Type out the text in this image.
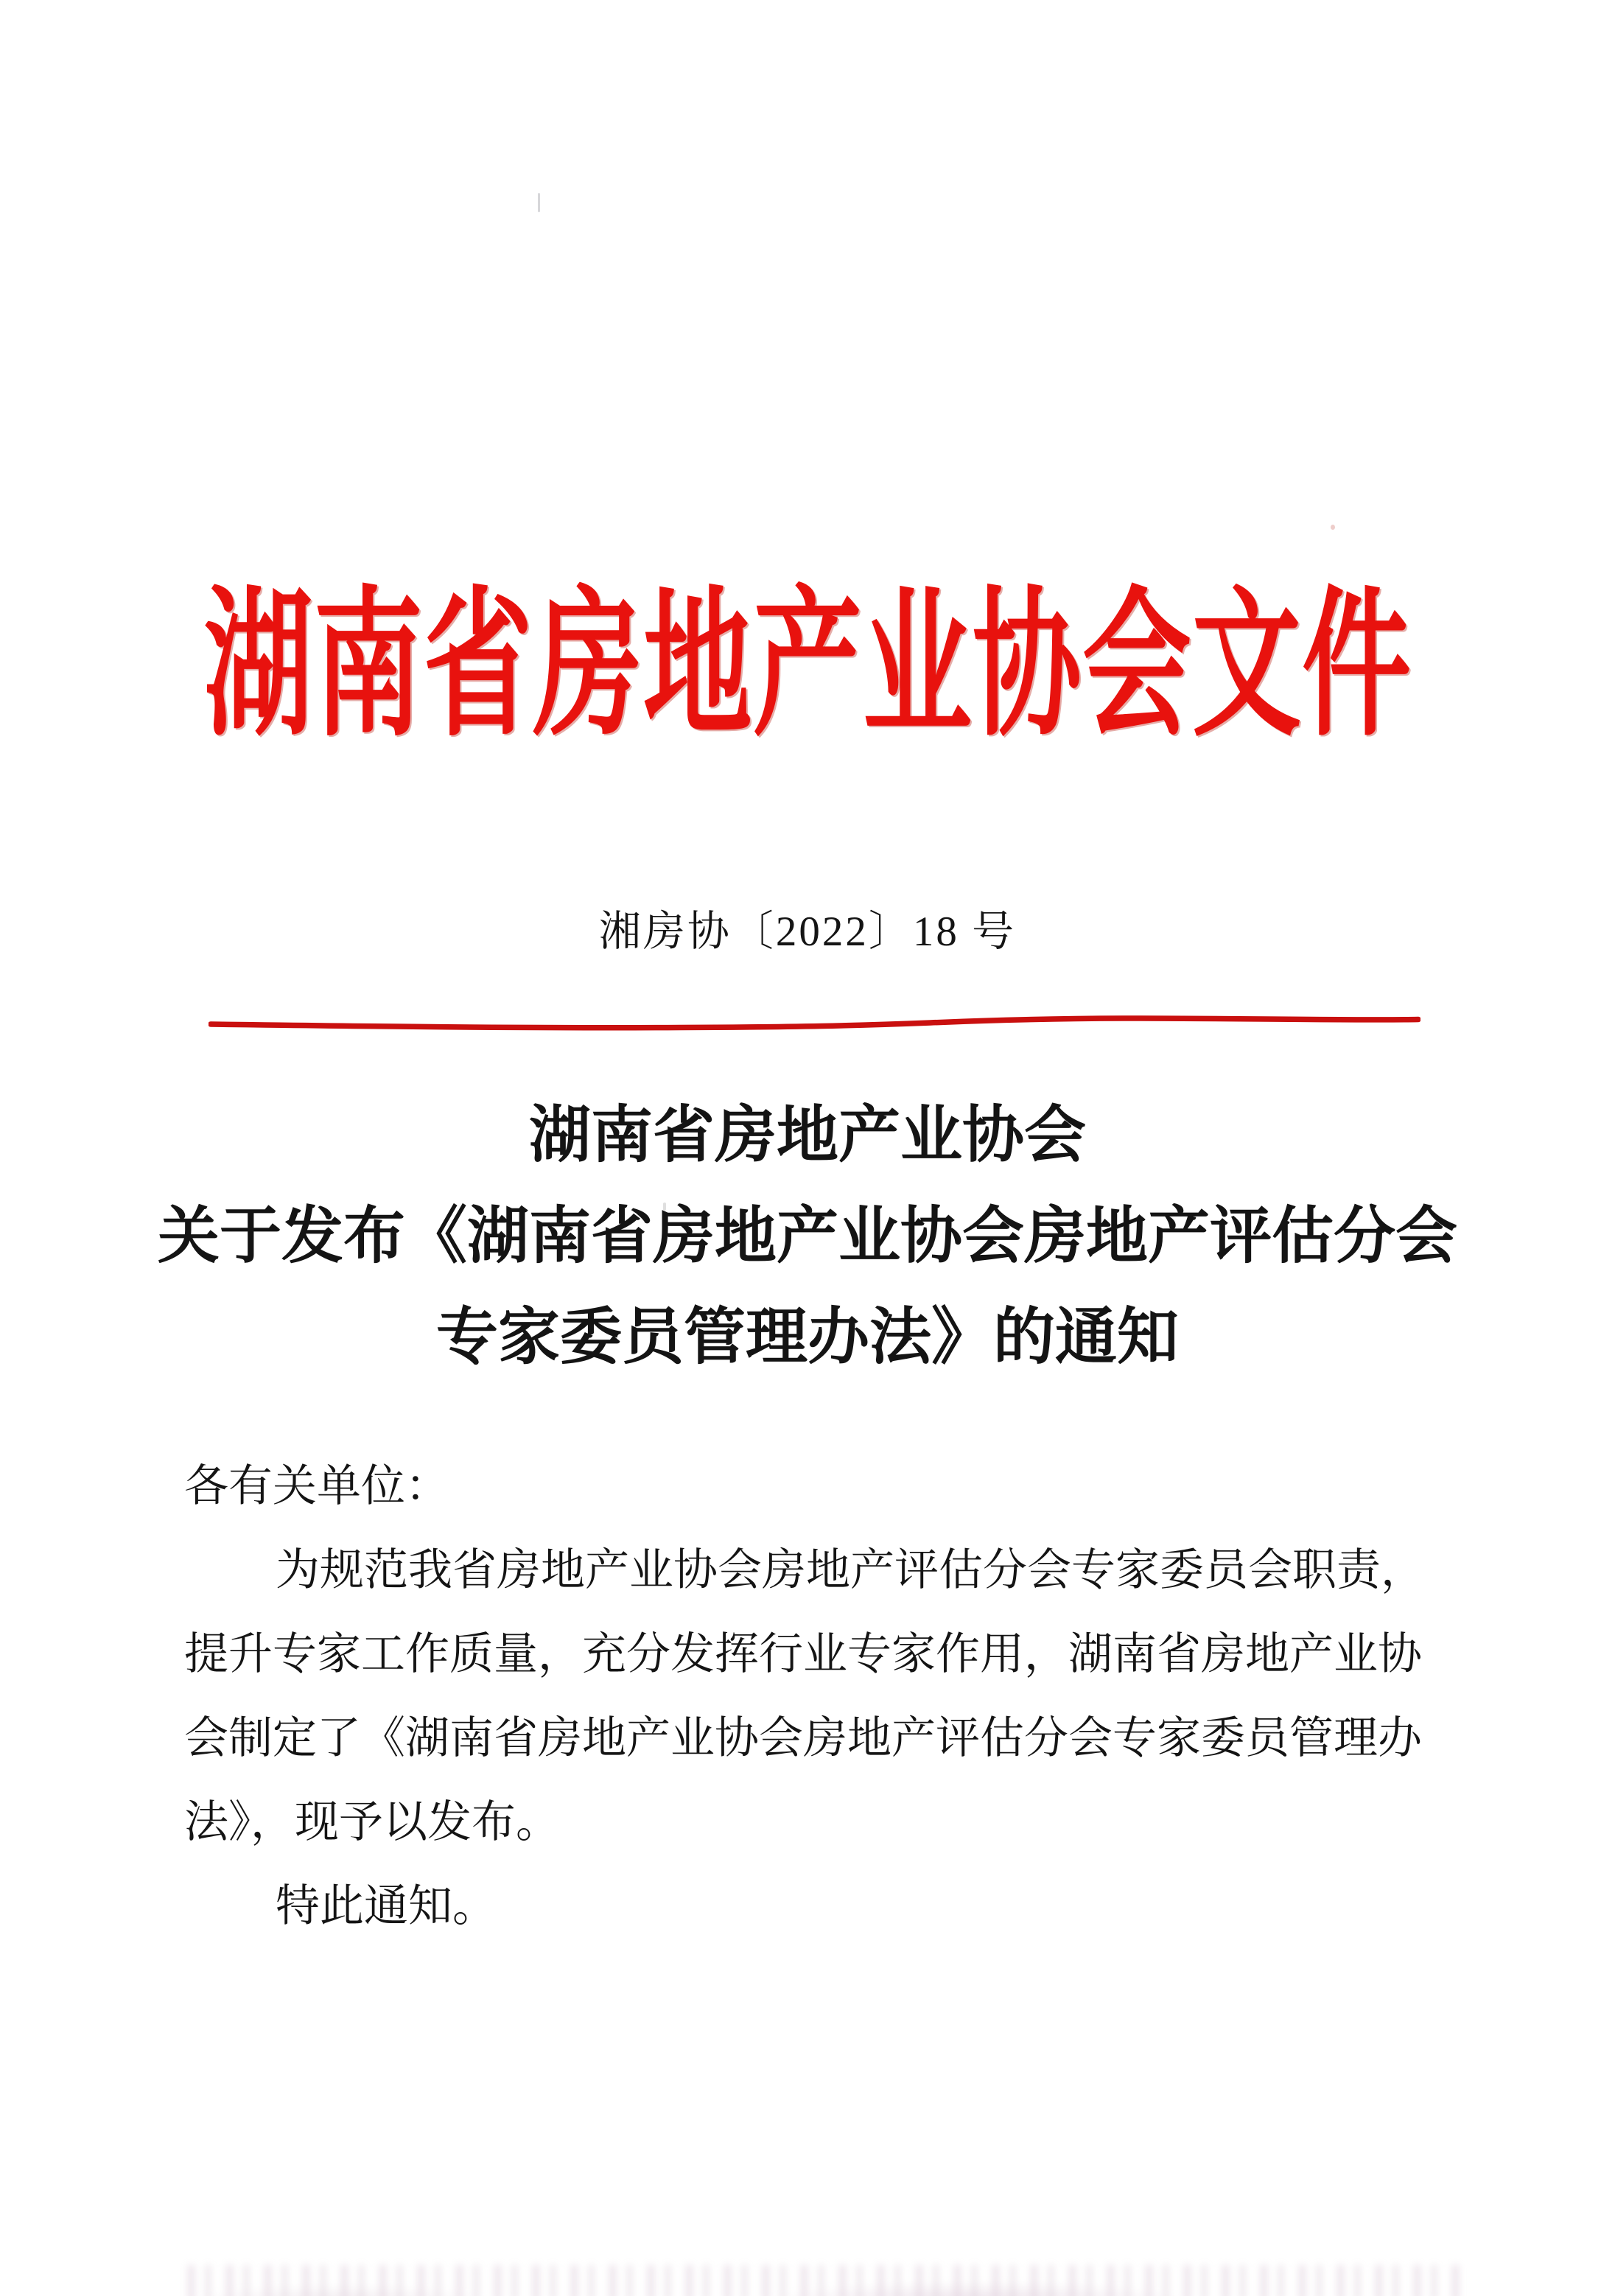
湖南省房地产业协会文件
湘房协〔2022〕18 号
湖南省房地产业协会
关于发布《湖南省房地产业协会房地产评估分会
专家委员管理办法》的通知
各有关单位：
为规范我省房地产业协会房地产评估分会专家委员会职责，
提升专家工作质量，充分发挥行业专家作用，湖南省房地产业协
会制定了《湖南省房地产业协会房地产评估分会专家委员管理办
法》，现予以发布。
特此通知。
